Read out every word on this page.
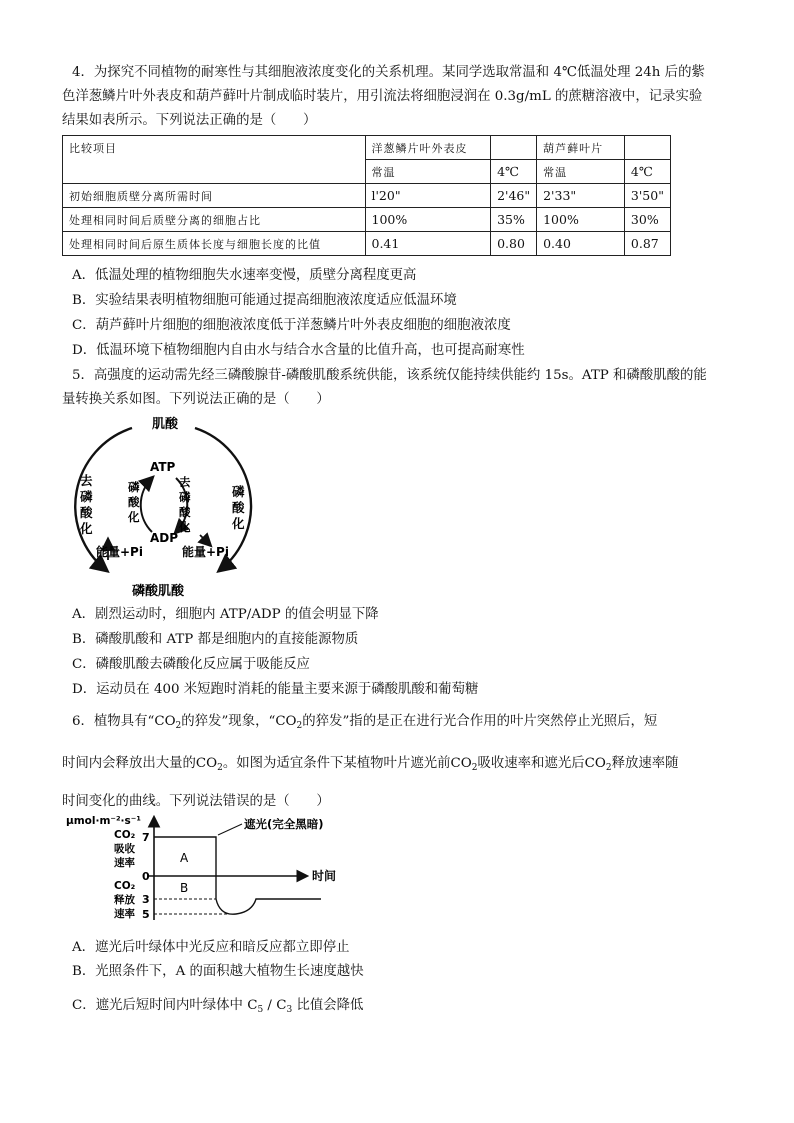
4．为探究不同植物的耐寒性与其细胞液浓度变化的关系机理。某同学选取常温和 4℃低温处理 24h 后的紫
色洋葱鳞片叶外表皮和葫芦藓叶片制成临时装片，用引流法将细胞浸润在 0.3g/mL 的蔗糖溶液中，记录实验
结果如表所示。下列说法正确的是（　　）
比较项目	洋葱鳞片叶外表皮		葫芦藓叶片	
	常温	4℃	常温	4℃
初始细胞质壁分离所需时间	l'20"	2'46"	2'33"	3'50"
处理相同时间后质壁分离的细胞占比	100%	35%	100%	30%
处理相同时间后原生质体长度与细胞长度的比值	0.41	0.80	0.40	0.87
A．低温处理的植物细胞失水速率变慢，质壁分离程度更高
B．实验结果表明植物细胞可能通过提高细胞液浓度适应低温环境
C．葫芦藓叶片细胞的细胞液浓度低于洋葱鳞片叶外表皮细胞的细胞液浓度
D．低温环境下植物细胞内自由水与结合水含量的比值升高，也可提高耐寒性
5．高强度的运动需先经三磷酸腺苷-磷酸肌酸系统供能，该系统仅能持续供能约 15s。ATP 和磷酸肌酸的能
量转换关系如图。下列说法正确的是（　　）
肌酸
ATP
ADP
磷酸肌酸
能量+Pi	能量+Pi
去
磷
酸
化
磷
酸
化
磷
酸
化
去
磷
酸
化
A．剧烈运动时，细胞内 ATP/ADP 的值会明显下降
B．磷酸肌酸和 ATP 都是细胞内的直接能源物质
C．磷酸肌酸去磷酸化反应属于吸能反应
D．运动员在 400 米短跑时消耗的能量主要来源于磷酸肌酸和葡萄糖
6．植物具有“$CO_2$的猝发”现象，“$CO_2$的猝发”指的是正在进行光合作用的叶片突然停止光照后，短
时间内会释放出大量的$CO_2$。如图为适宜条件下某植物叶片遮光前$CO_2$吸收速率和遮光后$CO_2$释放速率随
时间变化的曲线。下列说法错误的是（　　）
μmol·m⁻²·s⁻¹
7
0
3
5
CO₂
吸收
速率
CO₂
释放
速率
A
B
时间
遮光(完全黑暗)
A．遮光后叶绿体中光反应和暗反应都立即停止
B．光照条件下，A 的面积越大植物生长速度越快
C．遮光后短时间内叶绿体中 $C_5 / C_3$ 比值会降低
